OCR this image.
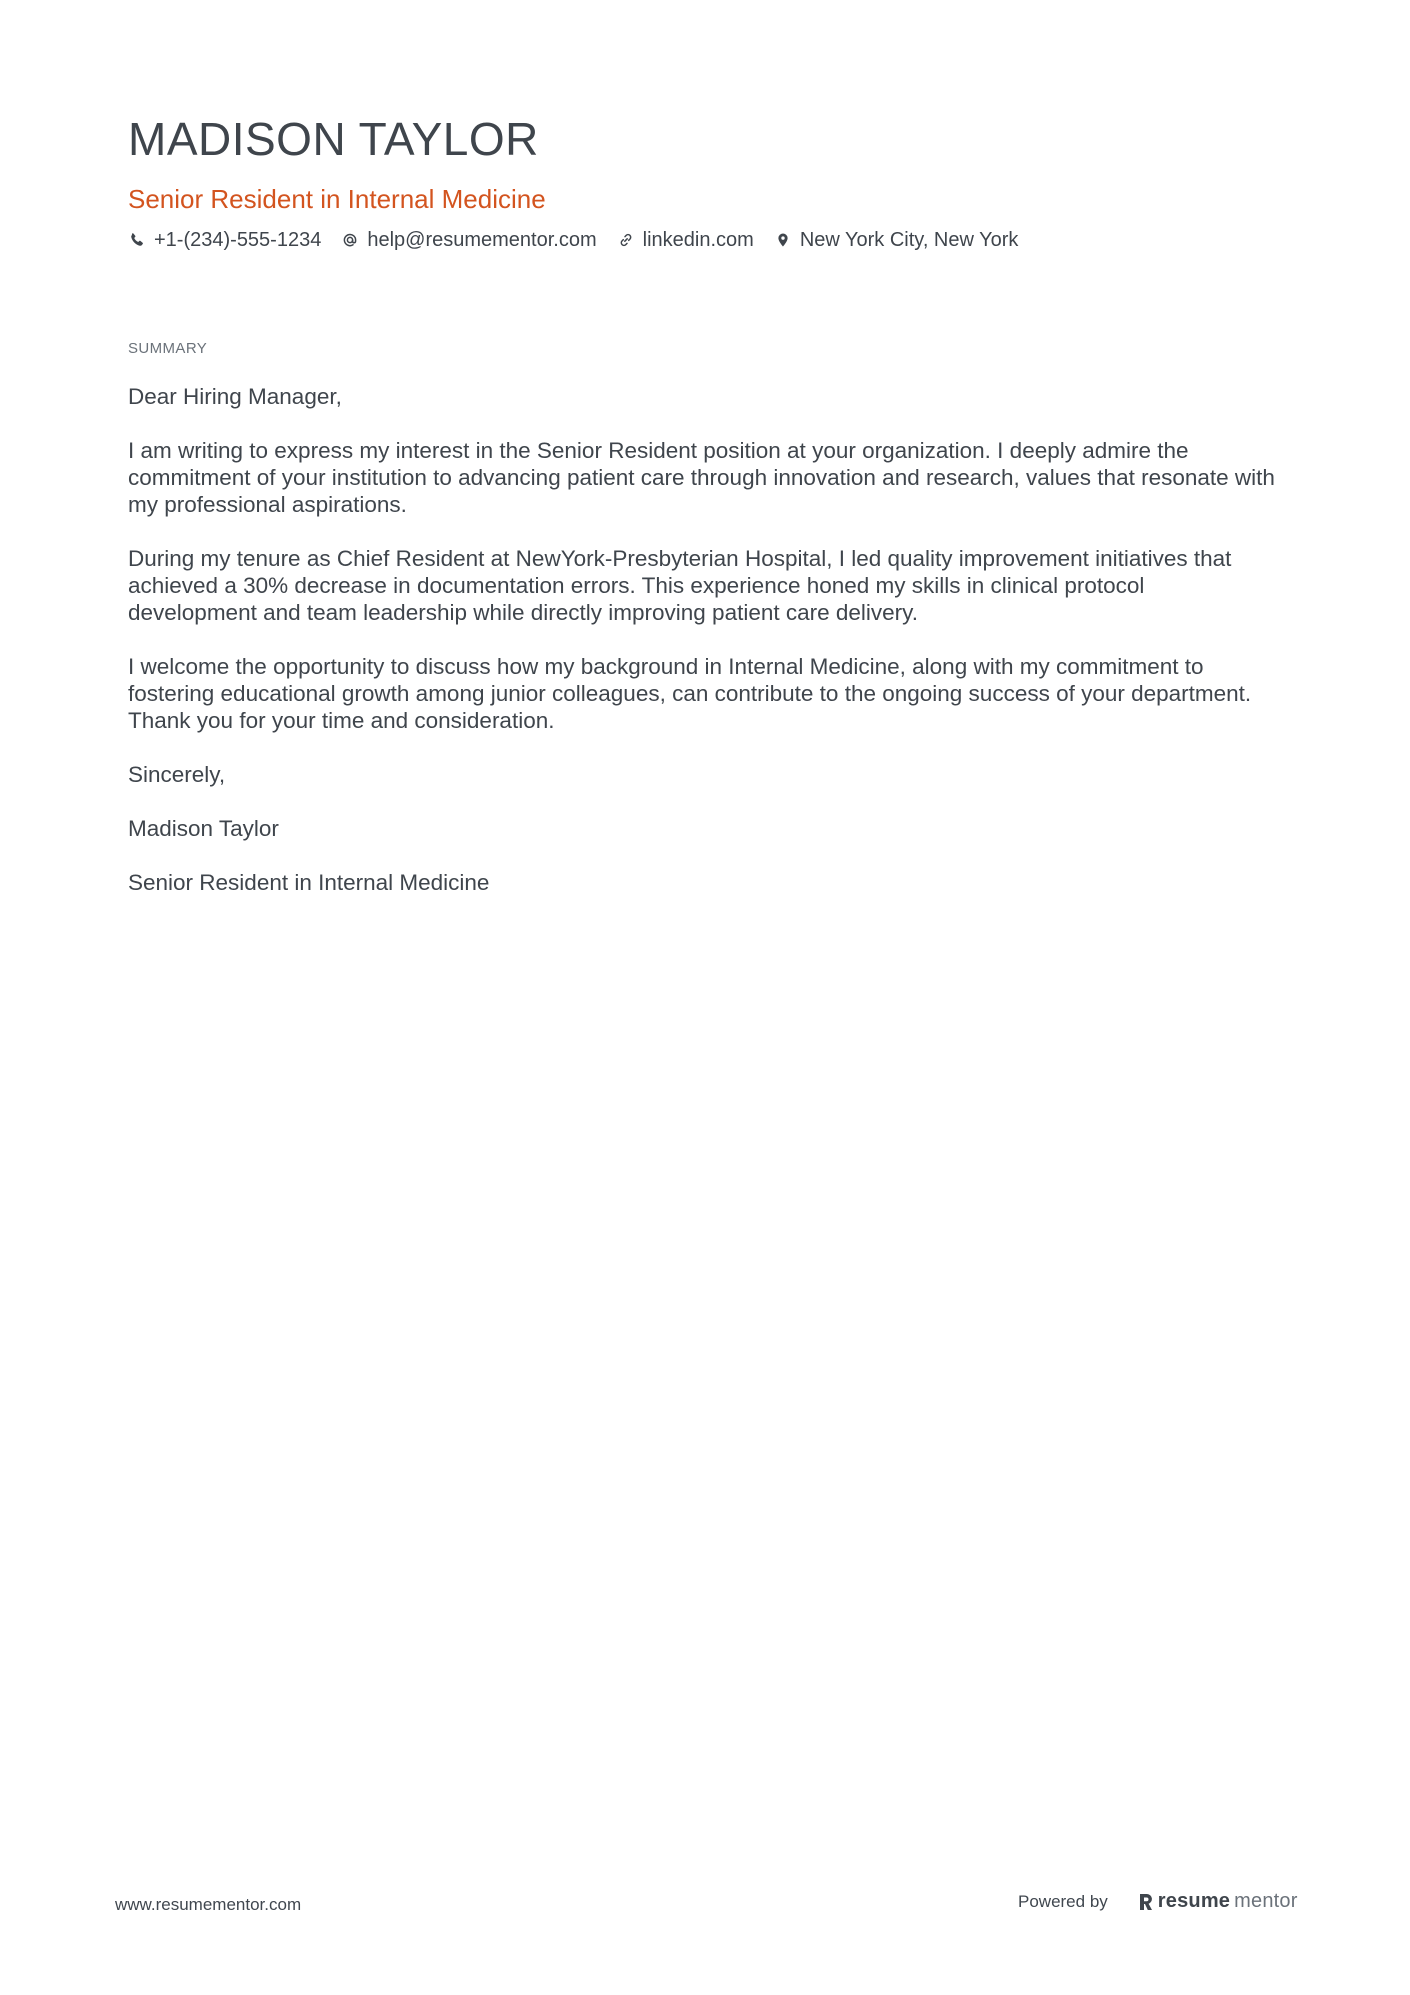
MADISON TAYLOR
Senior Resident in Internal Medicine
+1-(234)-555-1234 help@resumementor.com linkedin.com New York City, New York
SUMMARY

Dear Hiring Manager,

I am writing to express my interest in the Senior Resident position at your organization. I deeply admire the commitment of your institution to advancing patient care through innovation and research, values that resonate with my professional aspirations.

During my tenure as Chief Resident at NewYork-Presbyterian Hospital, I led quality improvement initiatives that achieved a 30% decrease in documentation errors. This experience honed my skills in clinical protocol development and team leadership while directly improving patient care delivery.

I welcome the opportunity to discuss how my background in Internal Medicine, along with my commitment to fostering educational growth among junior colleagues, can contribute to the ongoing success of your department. Thank you for your time and consideration.

Sincerely,

Madison Taylor

Senior Resident in Internal Medicine

www.resumementor.com	Powered by	resume mentor
